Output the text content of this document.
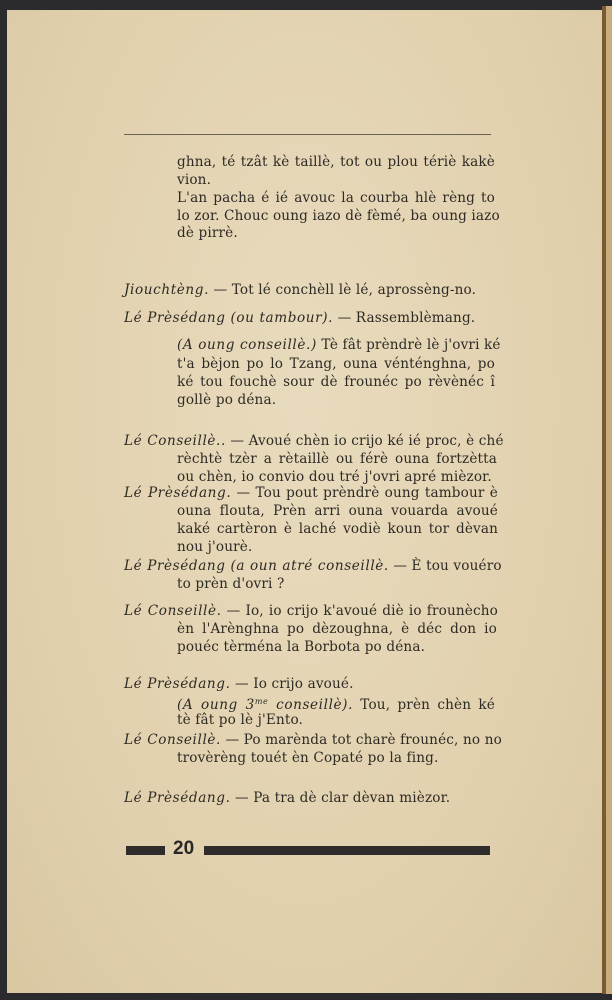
ghna, té tzât kè taillè, tot ou plou tériè kakè
vion.
L'an pacha é ié avouc la courba hlè rèng to
lo zor. Chouc oung iazo dè fèmé, ba oung iazo
dè pirrè.
Jiouchtèng. — Tot lé conchèll lè lé, aprossèng-no.
Lé Prèsédang (ou tambour). — Rassemblèmang.
(A oung conseillè.) Tè fât prèndrè lè j'ovri ké
t'a bèjon po lo Tzang, ouna vénténghna, po
ké tou fouchè sour dè frounéc po rèvènéc î
gollè po déna.
Lé Conseillè.. — Avoué chèn io crijo ké ié proc, è ché
rèchtè tzèr a rètaillè ou férè ouna fortzètta
ou chèn, io convio dou tré j'ovri apré mièzor.
Lé Prèsédang. — Tou pout prèndrè oung tambour è
ouna flouta, Prèn arri ouna vouarda avoué
kaké cartèron è laché vodiè koun tor dèvan
nou j'ourè.
Lé Prèsédang (a oun atré conseillè. — È tou vouéro
to prèn d'ovri ?
Lé Conseillè. — Io, io crijo k'avoué diè io frounècho
èn l'Arènghna po dèzoughna, è déc don io
pouéc tèrména la Borbota po déna.
Lé Prèsédang. — Io crijo avoué.
(A oung $3^{me}$ conseillè). Tou, prèn chèn ké
tè fât po lè j'Ento.
Lé Conseillè. — Po marènda tot charè frounéc, no no
trovèrèng touét èn Copaté po la fing.
Lé Prèsédang. — Pa tra dè clar dèvan mièzor.
20
